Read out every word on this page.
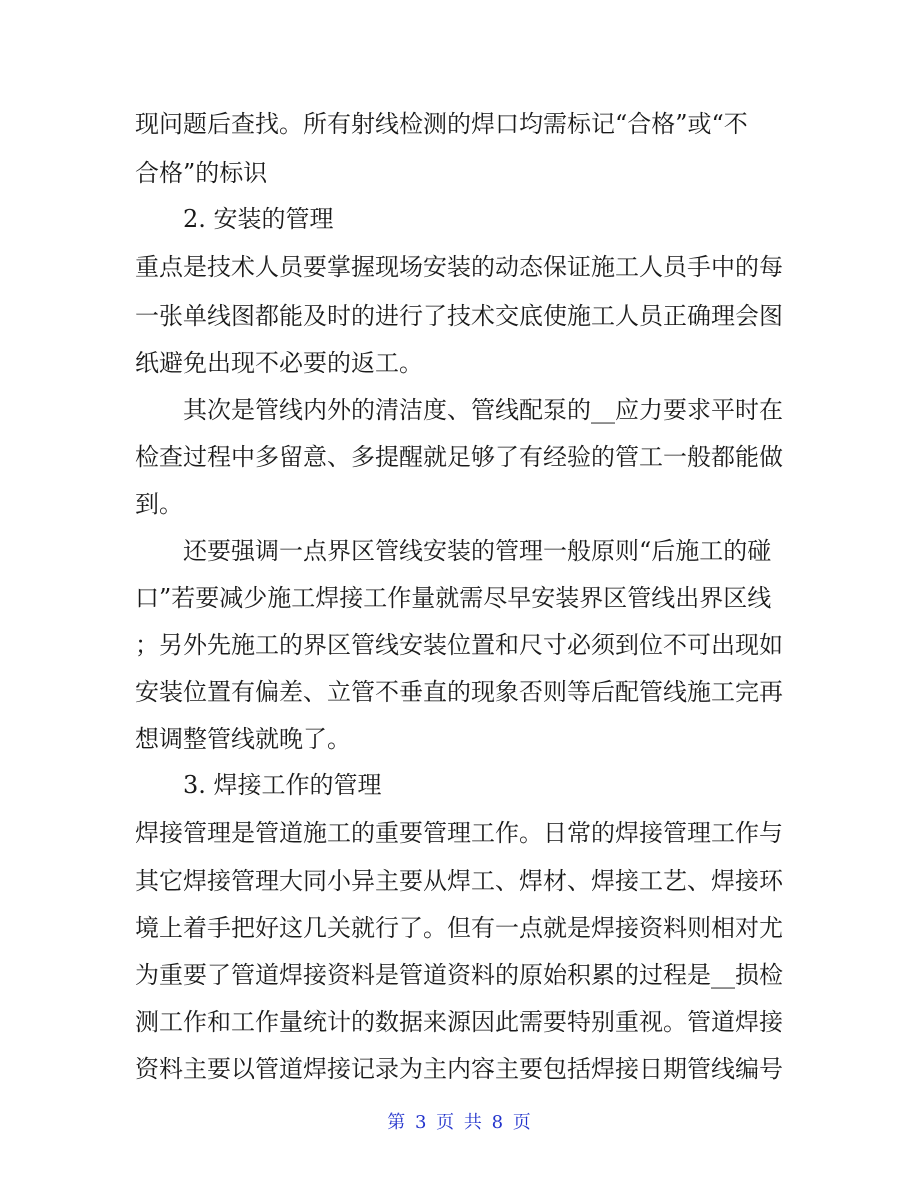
现问题后查找。所有射线检测的焊口均需标记“合格”或“不
合格”的标识
2. 安装的管理
重点是技术人员要掌握现场安装的动态保证施工人员手中的每
一张单线图都能及时的进行了技术交底使施工人员正确理会图
纸避免出现不必要的返工。
其次是管线内外的清洁度、管线配泵的__应力要求平时在
检查过程中多留意、多提醒就足够了有经验的管工一般都能做
到。
还要强调一点界区管线安装的管理一般原则“后施工的碰
口”若要减少施工焊接工作量就需尽早安装界区管线出界区线
；另外先施工的界区管线安装位置和尺寸必须到位不可出现如
安装位置有偏差、立管不垂直的现象否则等后配管线施工完再
想调整管线就晚了。
3. 焊接工作的管理
焊接管理是管道施工的重要管理工作。日常的焊接管理工作与
其它焊接管理大同小异主要从焊工、焊材、焊接工艺、焊接环
境上着手把好这几关就行了。但有一点就是焊接资料则相对尤
为重要了管道焊接资料是管道资料的原始积累的过程是__损检
测工作和工作量统计的数据来源因此需要特别重视。管道焊接
资料主要以管道焊接记录为主内容主要包括焊接日期管线编号
第 3 页 共 8 页
